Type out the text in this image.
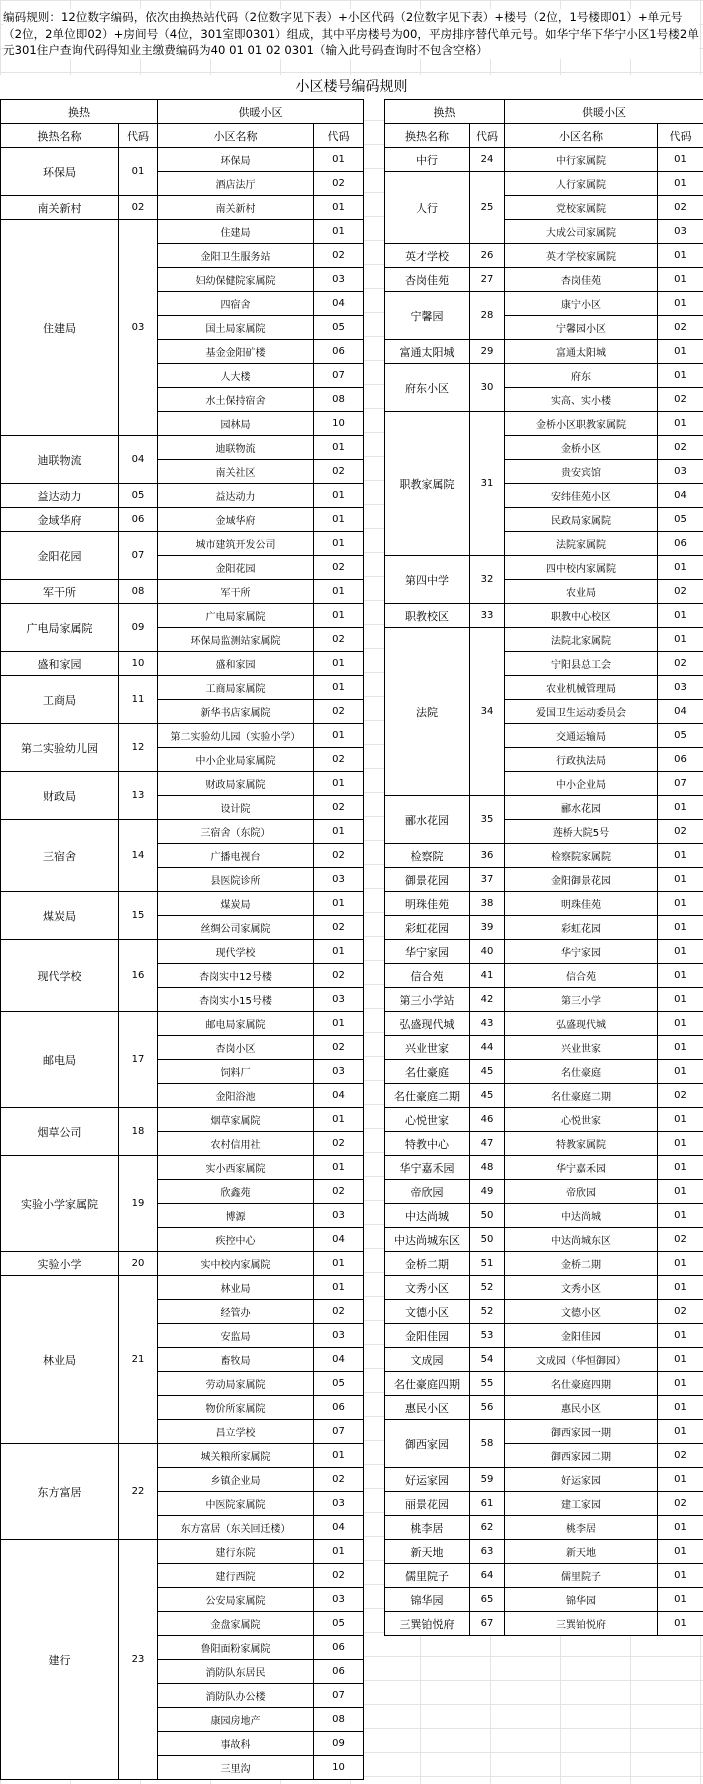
编码规则：12位数字编码，依次由换热站代码（2位数字见下表）+小区代码（2位数字见下表）+楼号（2位，1号楼即01）+单元号（2位，2单位即02）+房间号（4位，301室即0301）组成，其中平房楼号为00，平房排序替代单元号。如华宁华下华宁小区1号楼2单元301住户查询代码得知业主缴费编码为40 01 01 02 0301（输入此号码查询时不包含空格）

小区楼号编码规则
换热		供暖小区	
换热名称	代码	小区名称	代码
环保局	01	环保局	01
		酒店法厅	02
南关新村	02	南关新村	01
住建局	03	住建局	01
		金阳卫生服务站	02
		妇幼保健院家属院	03
		四宿舍	04
		国土局家属院	05
		基金金阳矿楼	06
		人大楼	07
		水土保持宿舍	08
		园林局	10
迪联物流	04	迪联物流	01
		南关社区	02
益达动力	05	益达动力	01
金域华府	06	金域华府	01
金阳花园	07	城市建筑开发公司	01
		金阳花园	02
军干所	08	军干所	01
广电局家属院	09	广电局家属院	01
		环保局监测站家属院	02
盛和家园	10	盛和家园	01
工商局	11	工商局家属院	01
		新华书店家属院	02
第二实验幼儿园	12	第二实验幼儿园（实验小学）	01
		中小企业局家属院	02
财政局	13	财政局家属院	01
		设计院	02
三宿舍	14	三宿舍（东院）	01
		广播电视台	02
		县医院诊所	03
煤炭局	15	煤炭局	01
		丝绸公司家属院	02
现代学校	16	现代学校	01
		杏岗实中12号楼	02
		杏岗实小15号楼	03
邮电局	17	邮电局家属院	01
		杏岗小区	02
		饲料厂	03
		金阳浴池	04
烟草公司	18	烟草家属院	01
		农村信用社	02
实验小学家属院	19	实小西家属院	01
		欣鑫苑	02
		博源	03
		疾控中心	04
实验小学	20	实中校内家属院	01
林业局	21	林业局	01
		经管办	02
		安监局	03
		畜牧局	04
		劳动局家属院	05
		物价所家属院	06
		昌立学校	07
东方富居	22	城关粮所家属院	01
		乡镇企业局	02
		中医院家属院	03
		东方富居（东关回迁楼）	04
建行	23	建行东院	01
		建行西院	02
		公安局家属院	03
		金盘家属院	05
		鲁阳面粉家属院	06
		消防队东居民	06
		消防队办公楼	07
		康园房地产	08
		事故科	09
		三里沟	10
换热		供暖小区	
换热名称	代码	小区名称	代码
中行	24	中行家属院	01
人行	25	人行家属院	01
		党校家属院	02
		大成公司家属院	03
英才学校	26	英才学校家属院	01
杏岗佳苑	27	杏岗佳苑	01
宁馨园	28	康宁小区	01
		宁馨园小区	02
富通太阳城	29	富通太阳城	01
府东小区	30	府东	01
		实高、实小楼	02
职教家属院	31	金桥小区职教家属院	01
		金桥小区	02
		贵安宾馆	03
		安纬佳苑小区	04
		民政局家属院	05
		法院家属院	06
第四中学	32	四中校内家属院	01
		农业局	02
职教校区	33	职教中心校区	01
法院	34	法院北家属院	01
		宁阳县总工会	02
		农业机械管理局	03
		爱国卫生运动委员会	04
		交通运输局	05
		行政执法局	06
		中小企业局	07
郦水花园	35	郦水花园	01
		莲桥大院5号	02
检察院	36	检察院家属院	01
御景花园	37	金阳御景花园	01
明珠佳苑	38	明珠佳苑	01
彩虹花园	39	彩虹花园	01
华宁家园	40	华宁家园	01
信合苑	41	信合苑	01
第三小学站	42	第三小学	01
弘盛现代城	43	弘盛现代城	01
兴业世家	44	兴业世家	01
名仕豪庭	45	名仕豪庭	01
名仕豪庭二期	45	名仕豪庭二期	02
心悦世家	46	心悦世家	01
特教中心	47	特教家属院	01
华宁嘉禾园	48	华宁嘉禾园	01
帝欣园	49	帝欣园	01
中达尚城	50	中达尚城	01
中达尚城东区	50	中达尚城东区	02
金桥二期	51	金桥二期	01
文秀小区	52	文秀小区	01
文德小区	52	文德小区	02
金阳佳园	53	金阳佳园	01
文成园	54	文成园（华恒御园）	01
名仕豪庭四期	55	名仕豪庭四期	01
惠民小区	56	惠民小区	01
御西家园	58	御西家园一期	01
		御西家园二期	02
好运家园	59	好运家园	01
丽景花园	61	建工家园	02
桃李居	62	桃李居	01
新天地	63	新天地	01
儒里院子	64	儒里院子	01
锦华园	65	锦华园	01
三巽铂悦府	67	三巽铂悦府	01
